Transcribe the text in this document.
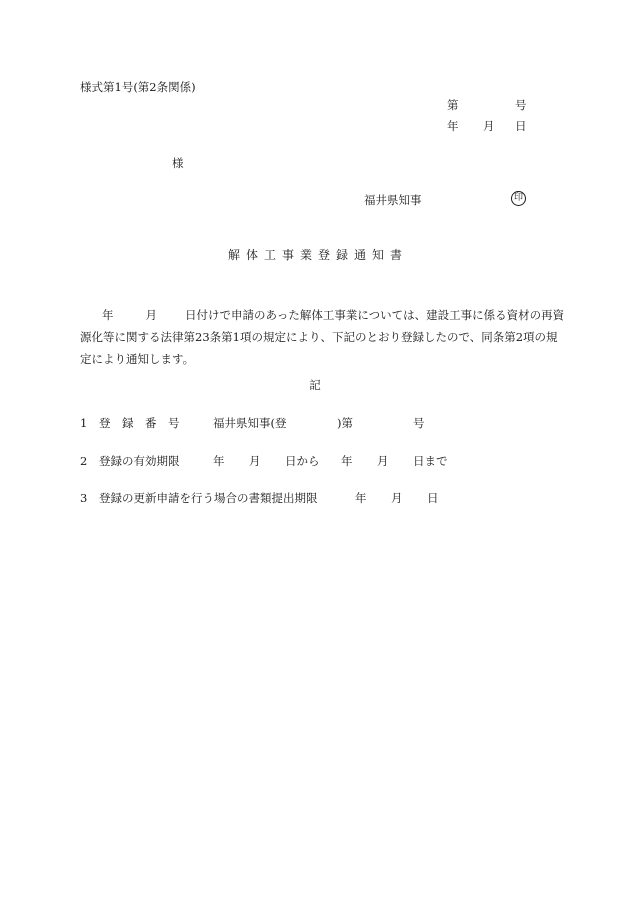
様式第1号(第2条関係)
第	号
年 月 日
様
福井県知事	印
解体工事業登録通知書
年	月 日付けで申請のあった解体工事業については、建設工事に係る資材の再資
源化等に関する法律第23条第1項の規定により、下記のとおり登録したので、同条第2項の規
定により通知します。
記
1 登　録　番　号	福井県知事(登	)第	号
2 登録の有効期限	年 月 日から 年 月 日まで
3 登録の更新申請を行う場合の書類提出期限	年 月 日
